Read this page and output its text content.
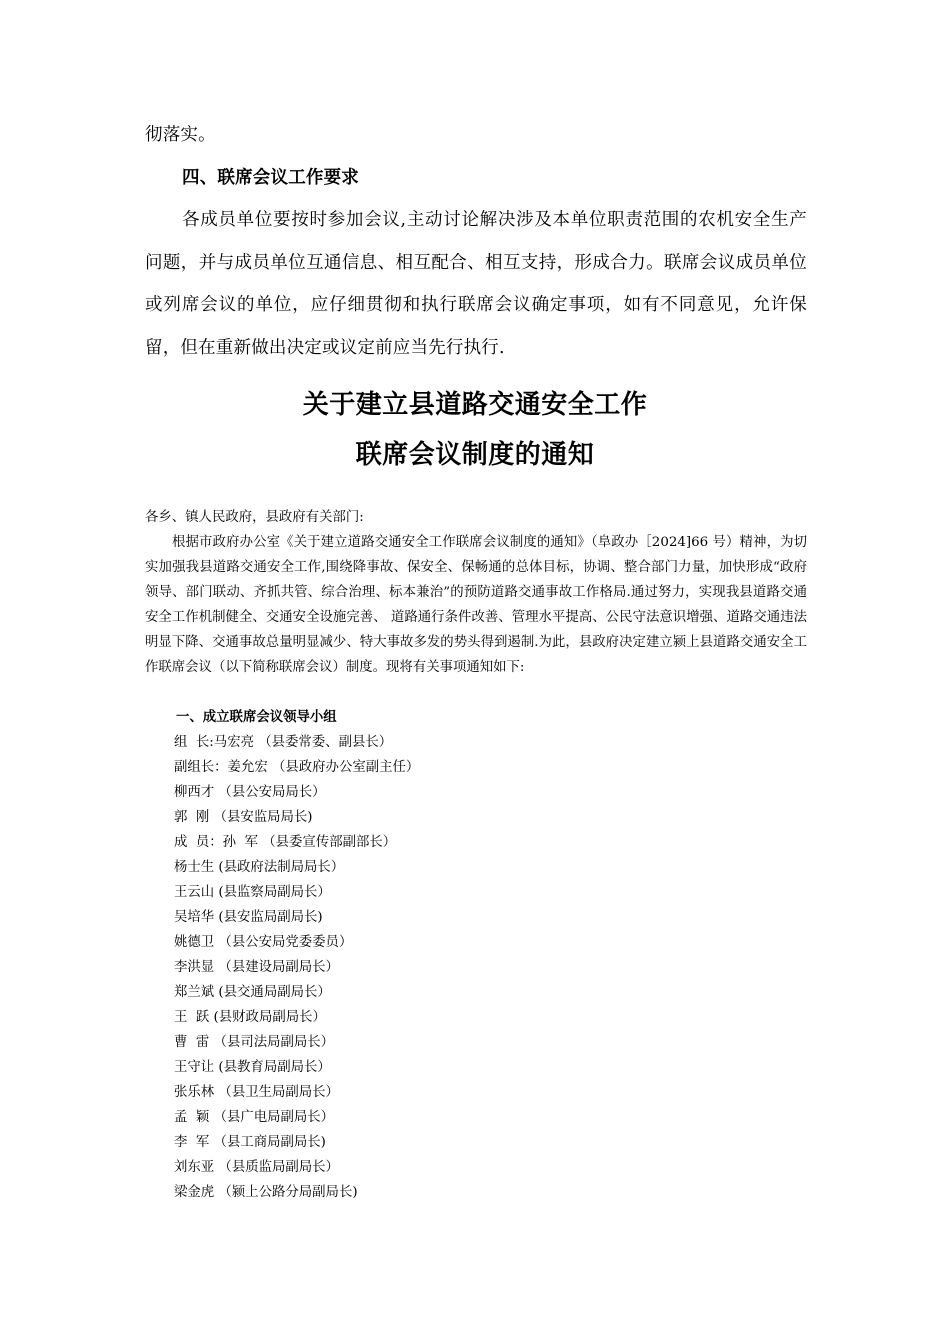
彻落实。

四、联席会议工作要求

各成员单位要按时参加会议,主动讨论解决涉及本单位职责范围的农机安全生产问题，并与成员单位互通信息、相互配合、相互支持，形成合力。联席会议成员单位或列席会议的单位，应仔细贯彻和执行联席会议确定事项，如有不同意见，允许保留，但在重新做出决定或议定前应当先行执行.

关于建立县道路交通安全工作
联席会议制度的通知

各乡、镇人民政府，县政府有关部门:

根据市政府办公室《关于建立道路交通安全工作联席会议制度的通知》（阜政办［2024]66 号）精神，为切实加强我县道路交通安全工作,围绕降事故、保安全、保畅通的总体目标，协调、整合部门力量，加快形成“政府领导、部门联动、齐抓共管、综合治理、标本兼治”的预防道路交通事故工作格局.通过努力，实现我县道路交通安全工作机制健全、交通安全设施完善、 道路通行条件改善、管理水平提高、公民守法意识增强、道路交通违法明显下降、交通事故总量明显减少、特大事故多发的势头得到遏制.为此，县政府决定建立颍上县道路交通安全工作联席会议（以下简称联席会议）制度。现将有关事项通知如下:

一、成立联席会议领导小组
组  长:马宏亮 （县委常委、副县长）
副组长：姜允宏 （县政府办公室副主任）
柳西才 （县公安局局长）
郭  刚 （县安监局局长)
成  员：孙  军 （县委宣传部副部长）
杨士生 (县政府法制局局长）
王云山 (县监察局副局长）
吴培华 (县安监局副局长)
姚德卫 （县公安局党委委员）
李洪显 （县建设局副局长）
郑兰斌 (县交通局副局长）
王  跃 (县财政局副局长）
曹  雷 （县司法局副局长）
王守让 (县教育局副局长）
张乐林 （县卫生局副局长）
孟  颖 （县广电局副局长）
李  军 （县工商局副局长)
刘东亚 （县质监局副局长）
梁金虎 （颍上公路分局副局长)
